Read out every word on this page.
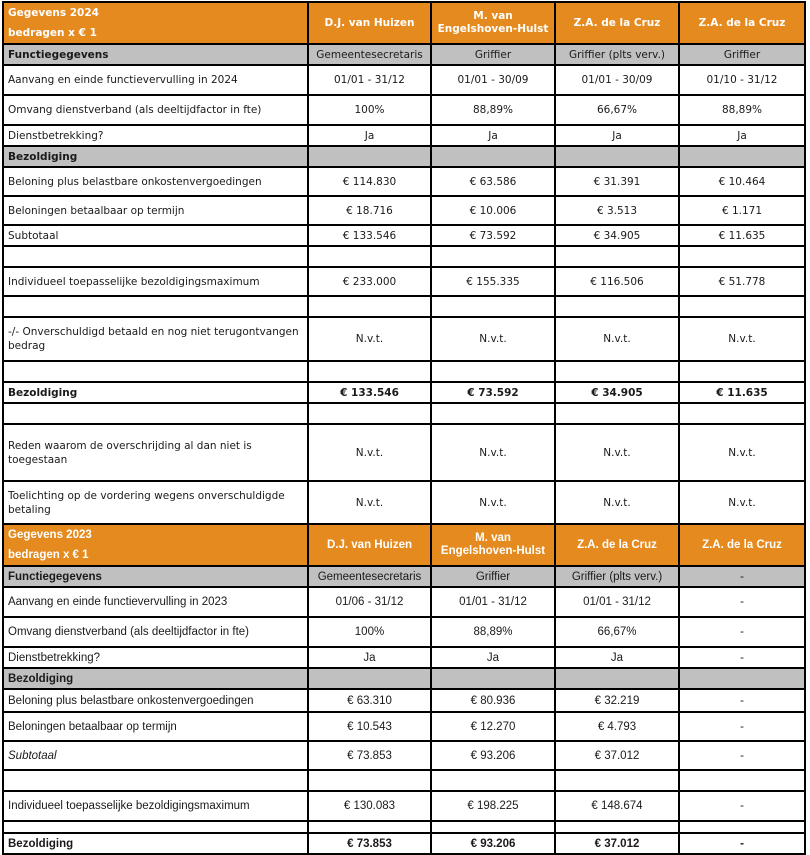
Gegevens 2024
bedragen x € 1	D.J. van Huizen	M. van Engelshoven-Hulst	Z.A. de la Cruz	Z.A. de la Cruz
Functiegegevens	Gemeentesecretaris	Griffier	Griffier (plts verv.)	Griffier
Aanvang en einde functievervulling in 2024	01/01 - 31/12	01/01 - 30/09	01/01 - 30/09	01/10 - 31/12
Omvang dienstverband (als deeltijdfactor in fte)	100%	88,89%	66,67%	88,89%
Dienstbetrekking?	Ja	Ja	Ja	Ja
Bezoldiging				
Beloning plus belastbare onkostenvergoedingen	€ 114.830	€ 63.586	€ 31.391	€ 10.464
Beloningen betaalbaar op termijn	€ 18.716	€ 10.006	€ 3.513	€ 1.171
Subtotaal	€ 133.546	€ 73.592	€ 34.905	€ 11.635

Individueel toepasselijke bezoldigingsmaximum	€ 233.000	€ 155.335	€ 116.506	€ 51.778

-/- Onverschuldigd betaald en nog niet terugontvangen bedrag	N.v.t.	N.v.t.	N.v.t.	N.v.t.

Bezoldiging	€ 133.546	€ 73.592	€ 34.905	€ 11.635

Reden waarom de overschrijding al dan niet is toegestaan	N.v.t.	N.v.t.	N.v.t.	N.v.t.
Toelichting op de vordering wegens onverschuldigde betaling	N.v.t.	N.v.t.	N.v.t.	N.v.t.
Gegevens 2023
bedragen x € 1	D.J. van Huizen	M. van Engelshoven-Hulst	Z.A. de la Cruz	Z.A. de la Cruz
Functiegegevens	Gemeentesecretaris	Griffier	Griffier (plts verv.)	-
Aanvang en einde functievervulling in 2023	01/06 - 31/12	01/01 - 31/12	01/01 - 31/12	-
Omvang dienstverband (als deeltijdfactor in fte)	100%	88,89%	66,67%	-
Dienstbetrekking?	Ja	Ja	Ja	-
Bezoldiging				
Beloning plus belastbare onkostenvergoedingen	€ 63.310	€ 80.936	€ 32.219	-
Beloningen betaalbaar op termijn	€ 10.543	€ 12.270	€ 4.793	-
Subtotaal	€ 73.853	€ 93.206	€ 37.012	-

Individueel toepasselijke bezoldigingsmaximum	€ 130.083	€ 198.225	€ 148.674	-

Bezoldiging	€ 73.853	€ 93.206	€ 37.012	-
